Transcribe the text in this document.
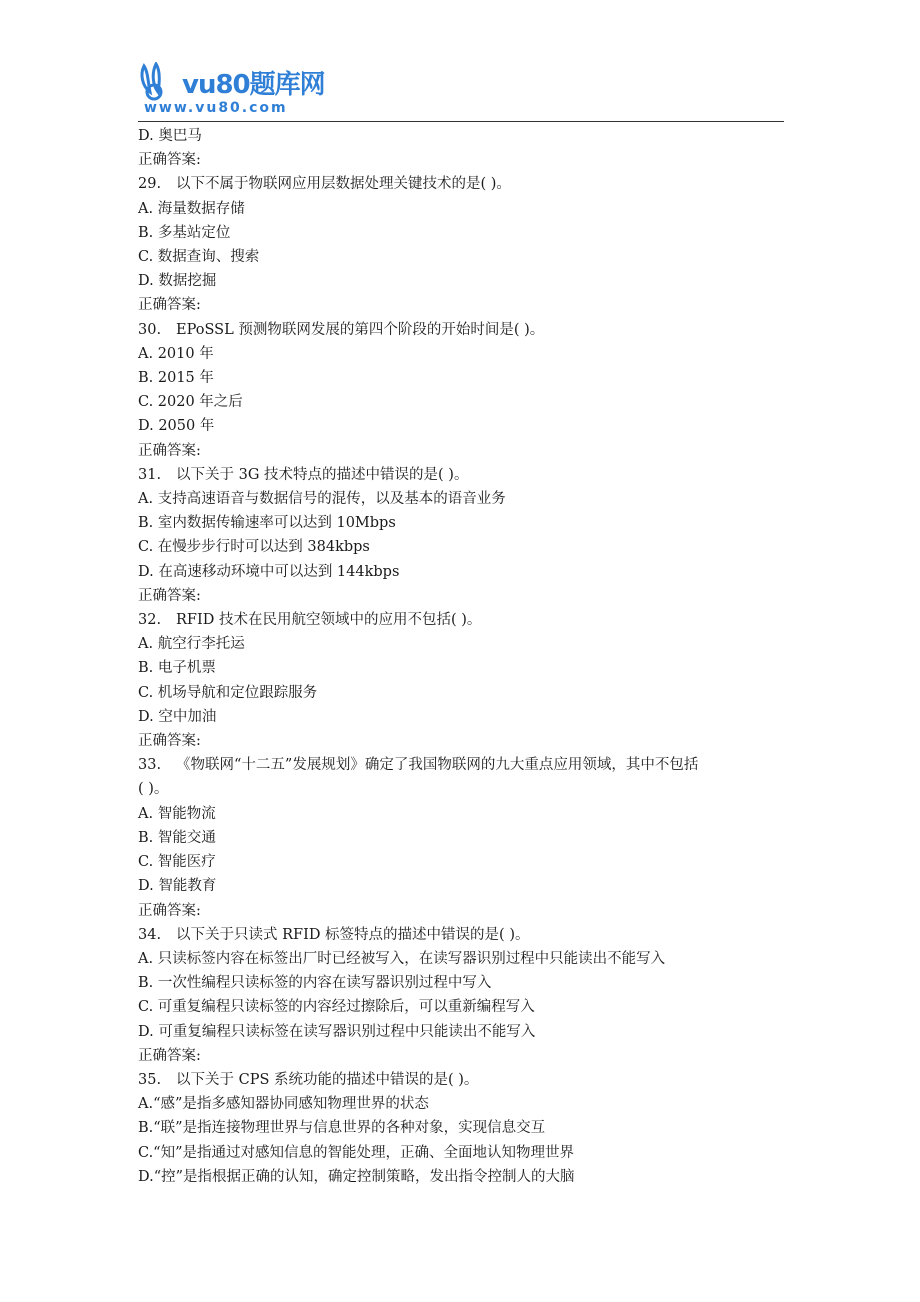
vu80题库网
www.vu80.com
D. 奥巴马
正确答案:
29. 以下不属于物联网应用层数据处理关键技术的是( )。
A. 海量数据存储
B. 多基站定位
C. 数据查询、搜索
D. 数据挖掘
正确答案:
30. EPoSSL 预测物联网发展的第四个阶段的开始时间是( )。
A. 2010 年
B. 2015 年
C. 2020 年之后
D. 2050 年
正确答案:
31. 以下关于 3G 技术特点的描述中错误的是( )。
A. 支持高速语音与数据信号的混传，以及基本的语音业务
B. 室内数据传输速率可以达到 10Mbps
C. 在慢步步行时可以达到 384kbps
D. 在高速移动环境中可以达到 144kbps
正确答案:
32. RFID 技术在民用航空领域中的应用不包括( )。
A. 航空行李托运
B. 电子机票
C. 机场导航和定位跟踪服务
D. 空中加油
正确答案:
33. 《物联网“十二五”发展规划》确定了我国物联网的九大重点应用领域，其中不包括
( )。
A. 智能物流
B. 智能交通
C. 智能医疗
D. 智能教育
正确答案:
34. 以下关于只读式 RFID 标签特点的描述中错误的是( )。
A. 只读标签内容在标签出厂时已经被写入，在读写器识别过程中只能读出不能写入
B. 一次性编程只读标签的内容在读写器识别过程中写入
C. 可重复编程只读标签的内容经过擦除后，可以重新编程写入
D. 可重复编程只读标签在读写器识别过程中只能读出不能写入
正确答案:
35. 以下关于 CPS 系统功能的描述中错误的是( )。
A.“感”是指多感知器协同感知物理世界的状态
B.“联”是指连接物理世界与信息世界的各种对象，实现信息交互
C.“知”是指通过对感知信息的智能处理，正确、全面地认知物理世界
D.“控”是指根据正确的认知，确定控制策略，发出指令控制人的大脑
